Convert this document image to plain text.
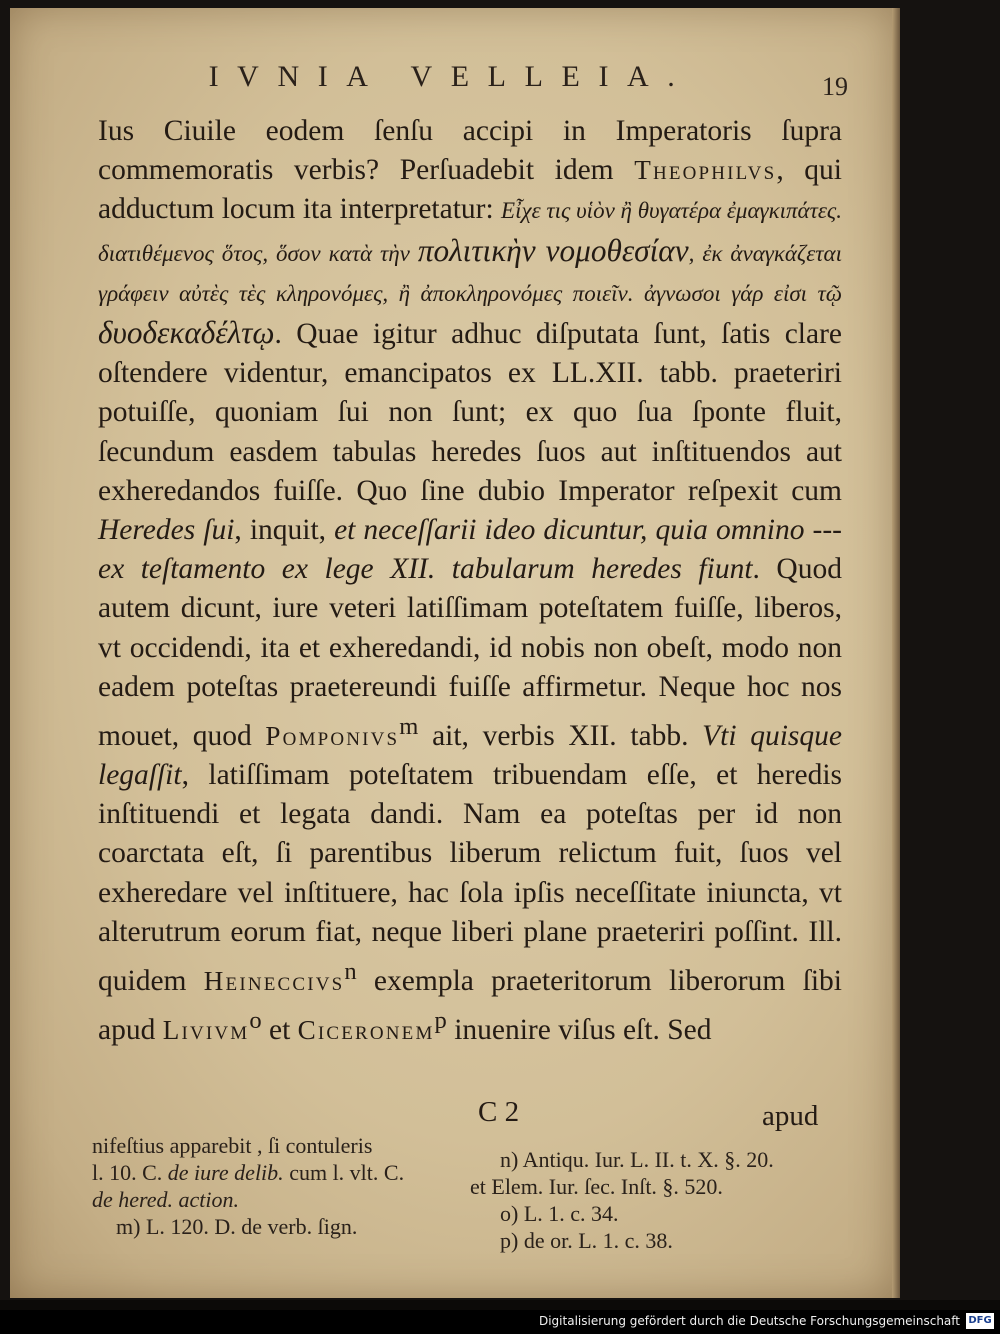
IVNIA VELLEIA.	19
Ius Ciuile eodem ſenſu accipi in Imperatoris ſupra commemoratis verbis? Perſuadebit idem Theophilvs, qui adductum locum ita interpretatur: Εἶχε τις υἱὸν ἢ θυγατέρα ἐμαγκιπάτες. διατιθέμενος ὅτος, ὅσον κατὰ τὴν πολιτικὴν νομοθεσίαν, ἐκ ἀναγκάζεται γράφειν αὐτὲς τὲς κληρονόμες, ἢ ἀποκληρονόμες ποιεῖν. ἀγνωσοι γάρ εἰσι τῷ δυοδεκαδέλτῳ. Quae igitur adhuc diſputata ſunt, ſatis clare oſtendere videntur, emancipatos ex LL.XII. tabb. praeteriri potuiſſe, quoniam ſui non ſunt; ex quo ſua ſponte fluit, ſecundum easdem tabulas heredes ſuos aut inſtituendos aut exheredandos fuiſſe. Quo ſine dubio Imperator reſpexit cum Heredes ſui, inquit, et neceſſarii ideo dicuntur, quia omnino --- ex teſtamento ex lege XII. tabularum heredes fiunt. Quod autem dicunt, iure veteri latiſſimam poteſtatem fuiſſe, liberos, vt occidendi, ita et exheredandi, id nobis non obeſt, modo non eadem poteſtas praetereundi fuiſſe affirmetur. Neque hoc nos mouet, quod Pomponivs$^m$ ait, verbis XII. tabb. Vti quisque legaſſit, latiſſimam poteſtatem tribuendam eſſe, et heredis inſtituendi et legata dandi. Nam ea poteſtas per id non coarctata eſt, ſi parentibus liberum relictum fuit, ſuos vel exheredare vel inſtituere, hac ſola ipſis neceſſitate iniuncta, vt alterutrum eorum fiat, neque liberi plane praeteriri poſſint. Ill. quidem Heineccivs$^n$ exempla praeteritorum liberorum ſibi apud Livivm$^o$ et Ciceronem$^p$ inuenire viſus eſt. Sed
C 2	apud
nifeſtius apparebit , ſi contuleris
l. 10. C. de iure delib. cum l. vlt. C.
de hered. action.
m) L. 120. D. de verb. ſign.
n) Antiqu. Iur. L. II. t. X. §. 20.
et Elem. Iur. ſec. Inſt. §. 520.
o) L. 1. c. 34.
p) de or. L. 1. c. 38.
Digitalisierung gefördert durch die Deutsche Forschungsgemeinschaft DFG
